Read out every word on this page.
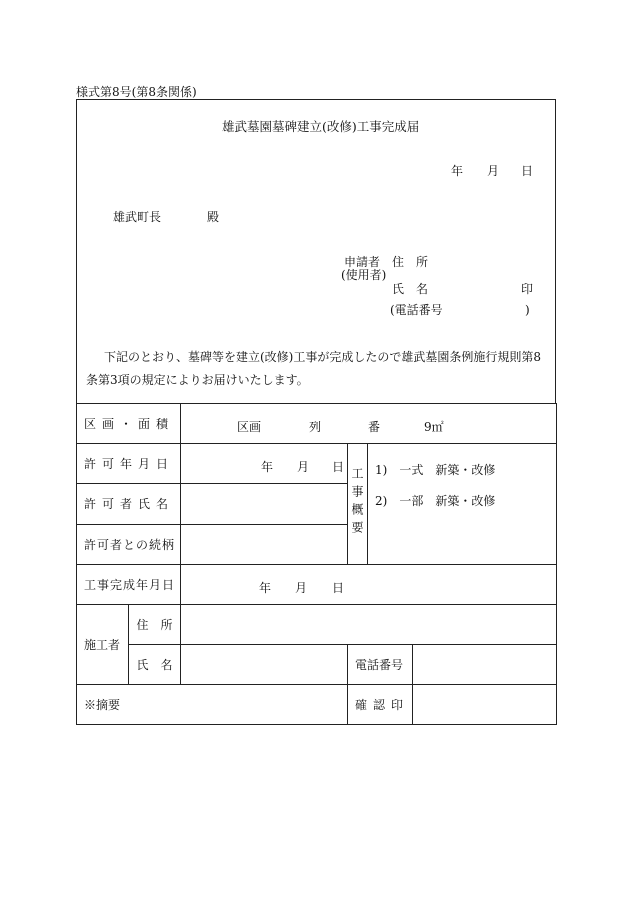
様式第8号(第8条関係)
雄武墓園墓碑建立(改修)工事完成届
年 月 日
雄武町長	殿
申請者 住　所
(使用者)
氏　名	印
(電話番号	)
下記のとおり、墓碑等を建立(改修)工事が完成したので雄武墓園条例施行規則第8
条第3項の規定によりお届けいたします。
区画・面積		区画 列 番 9㎡			

許可年月日		年 月 日	工事概要	1)　一式　新築・改修
2)　一部　新築・改修	

許可者氏名					
許可者との続柄					
工事完成年月日		年 月 日			

施工者	住　所				
	氏　名		電話番号		
※摘要			確認印		
